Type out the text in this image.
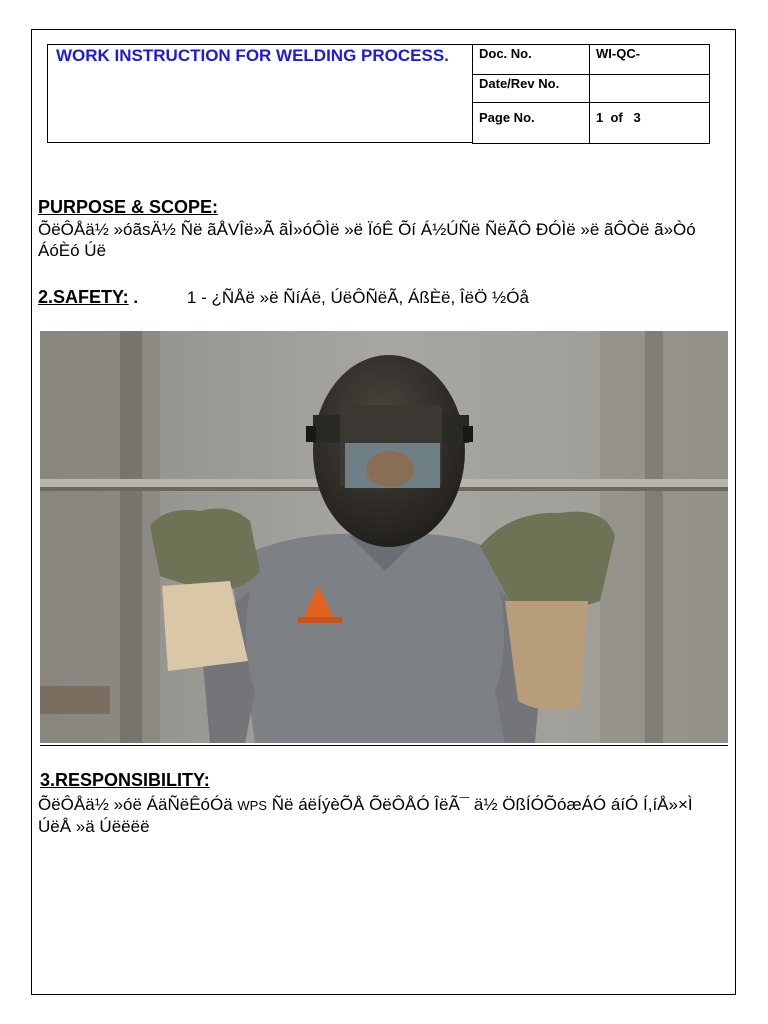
WORK INSTRUCTION FOR WELDING PROCESS.	Doc. No.	WI-QC-
Date/Rev No.	
Page No.	1  of   3
PURPOSE & SCOPE:
ÕëÔÅä½ »óãsÄ½ Ñë ãÅVÎë»Ã ãÌ»óÔÌë »ë ÏóÊ Õí Á½ÚÑë ÑëÃÔ ÐÓÌë »ë ãÔÒë ã»Òó ÁóÈó Úë
2.SAFETY: .	1 - ¿ÑÅë »ë ÑíÁë, ÚëÔÑëÃ, ÁßÈë, ÎëÖ ½Óå
3.RESPONSIBILITY:
ÕëÔÅä½ »óë ÁäÑëÊóÓä WPS Ñë áëÍýèÕÅ ÕëÔÅÓ ÎëÃ¯ ä½ ÖßÍÓÕóæÁÓ áíÓ Í,íÅ»×Ì ÚëÅ »ä Úëëëë
